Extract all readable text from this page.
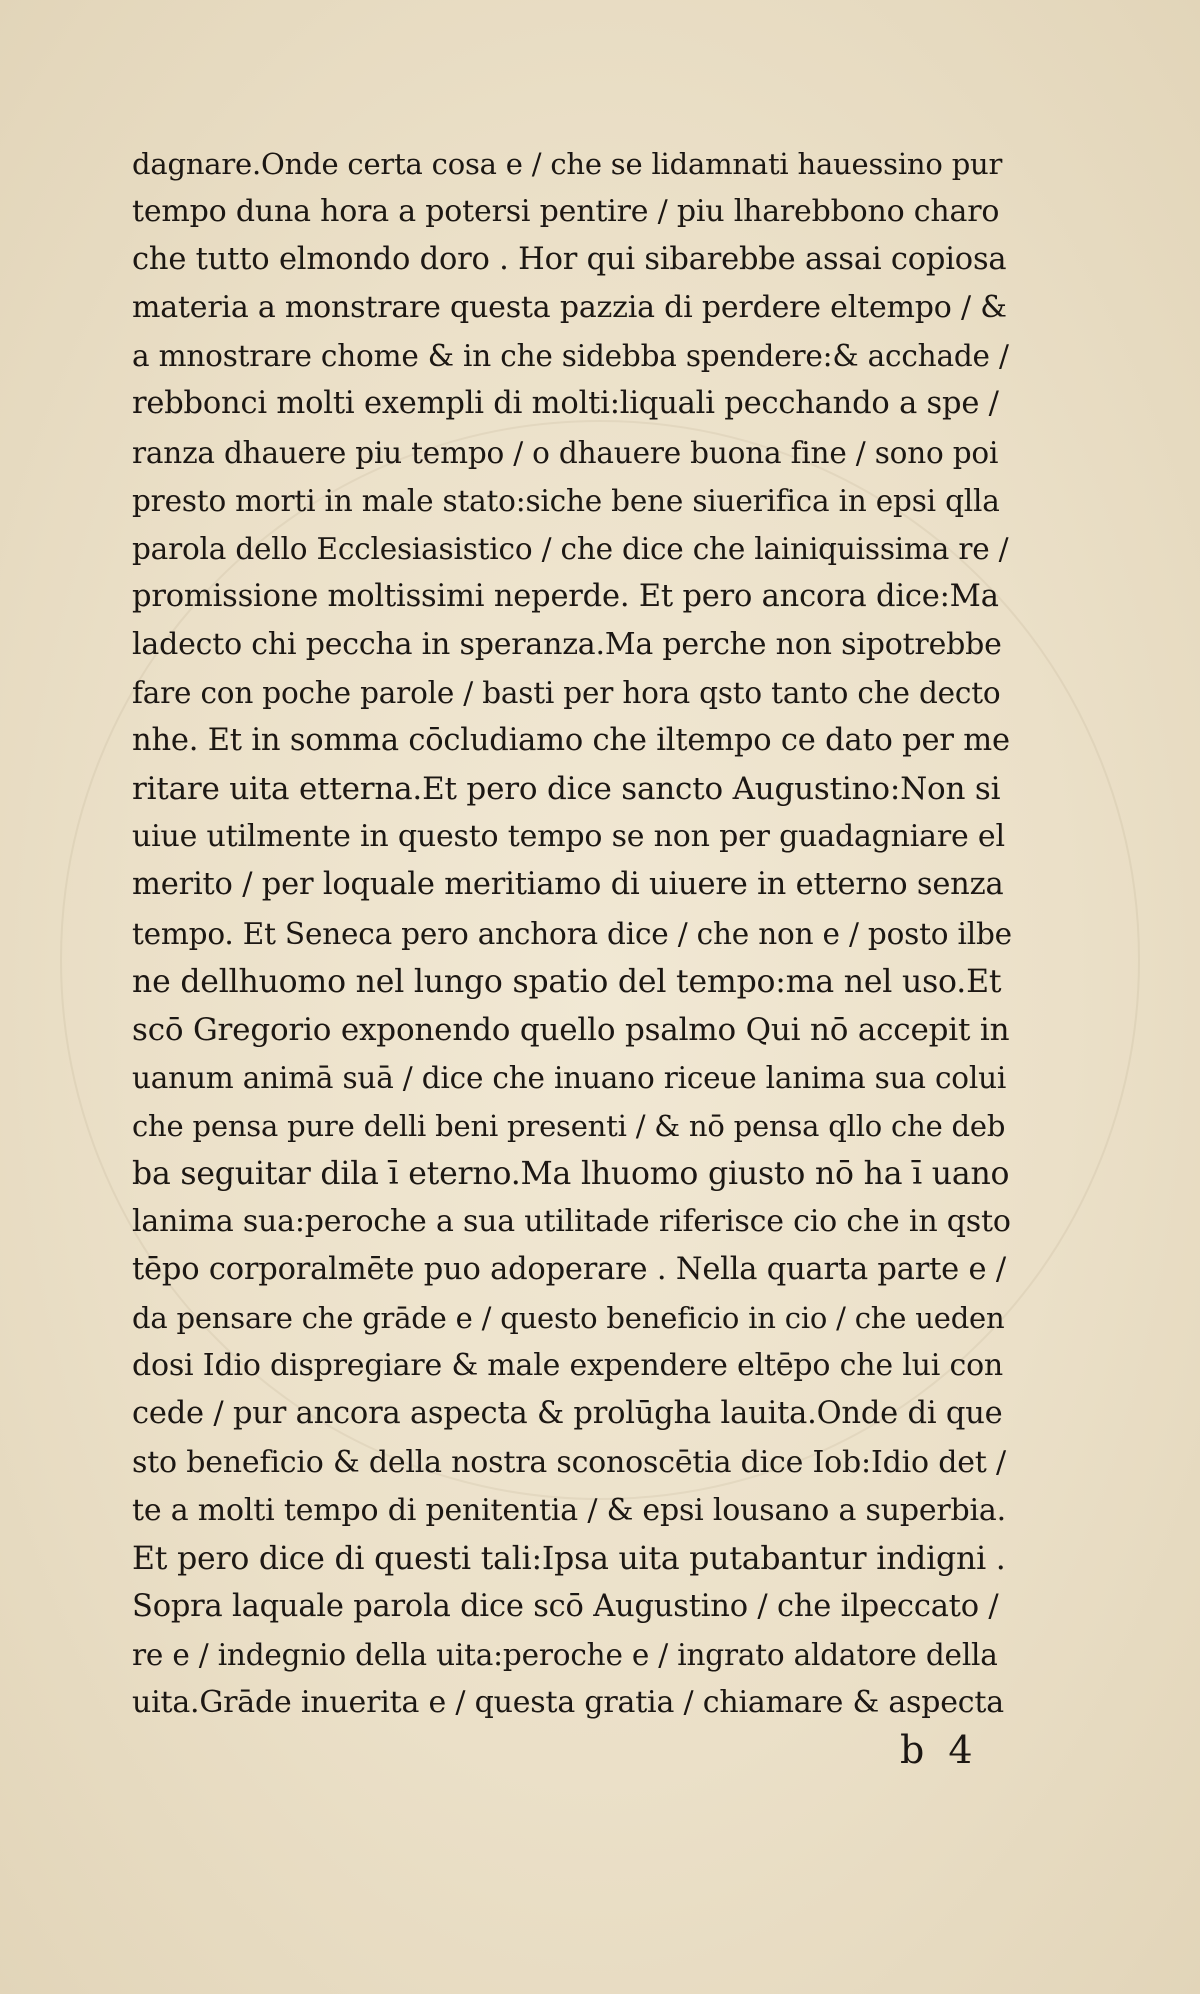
dagnare.Onde certa cosa e / che se lidamnati hauessino pur
tempo duna hora a potersi pentire / piu lharebbono charo
che tutto elmondo doro . Hor qui sibarebbe assai copiosa
materia a monstrare questa pazzia di perdere eltempo / &
a mnostrare chome & in che sidebba spendere:& acchade /
rebbonci molti exempli di molti:liquali pecchando a spe /
ranza dhauere piu tempo / o dhauere buona fine / sono poi
presto morti in male stato:siche bene siuerifica in epsi qlla
parola dello Ecclesiasistico / che dice che lainiquissima re /
promissione moltissimi neperde. Et pero ancora dice:Ma
ladecto chi peccha in speranza.Ma perche non sipotrebbe
fare con poche parole / basti per hora qsto tanto che decto
nhe. Et in somma cōcludiamo che iltempo ce dato per me
ritare uita etterna.Et pero dice sancto Augustino:Non si
uiue utilmente in questo tempo se non per guadagniare el
merito / per loquale meritiamo di uiuere in etterno senza
tempo. Et Seneca pero anchora dice / che non e / posto ilbe
ne dellhuomo nel lungo spatio del tempo:ma nel uso.Et
scō Gregorio exponendo quello psalmo Qui nō accepit in
uanum animā suā / dice che inuano riceue lanima sua colui
che pensa pure delli beni presenti / & nō pensa qllo che deb
ba seguitar dila ī eterno.Ma lhuomo giusto nō ha ī uano
lanima sua:peroche a sua utilitade riferisce cio che in qsto
tēpo corporalmēte puo adoperare . Nella quarta parte e /
da pensare che grāde e / questo beneficio in cio / che ueden
dosi Idio dispregiare & male expendere eltēpo che lui con
cede / pur ancora aspecta & prolūgha lauita.Onde di que
sto beneficio & della nostra sconoscētia dice Iob:Idio det /
te a molti tempo di penitentia / & epsi lousano a superbia.
Et pero dice di questi tali:Ipsa uita putabantur indigni .
Sopra laquale parola dice scō Augustino / che ilpeccato /
re e / indegnio della uita:peroche e / ingrato aldatore della
uita.Grāde inuerita e / questa gratia / chiamare & aspecta
b 4
